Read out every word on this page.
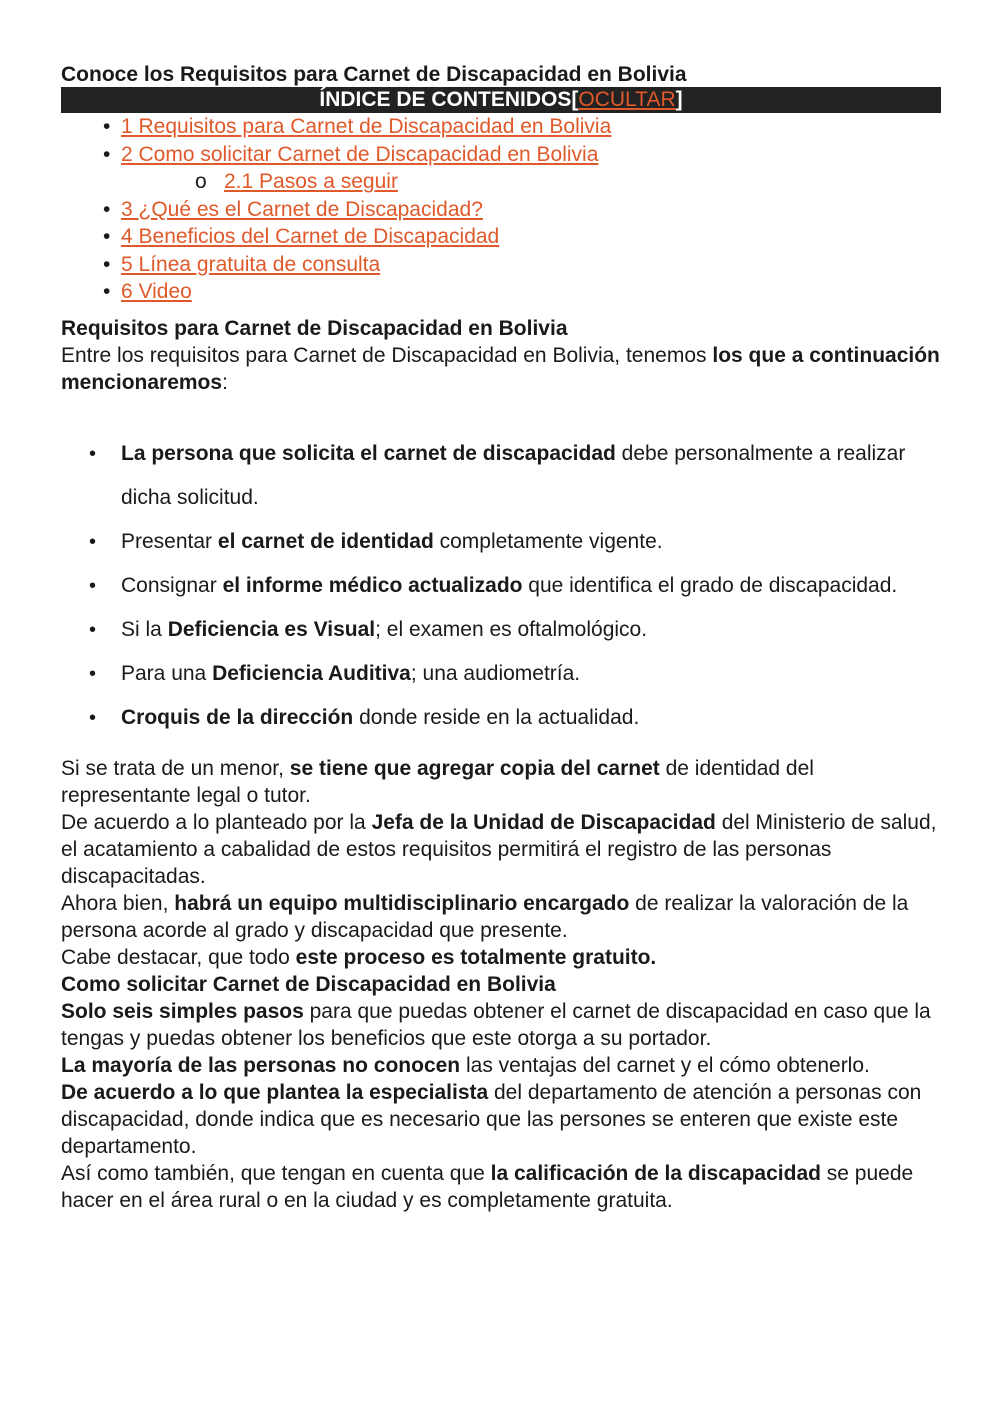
Conoce los Requisitos para Carnet de Discapacidad en Bolivia

ÍNDICE DE CONTENIDOS[OCULTAR]
• 1 Requisitos para Carnet de Discapacidad en Bolivia
• 2 Como solicitar Carnet de Discapacidad en Bolivia
o 2.1 Pasos a seguir
• 3 ¿Qué es el Carnet de Discapacidad?
• 4 Beneficios del Carnet de Discapacidad
• 5 Línea gratuita de consulta
• 6 Video
Requisitos para Carnet de Discapacidad en Bolivia

Entre los requisitos para Carnet de Discapacidad en Bolivia, tenemos los que a continuación mencionaremos:

• La persona que solicita el carnet de discapacidad debe personalmente a realizar dicha solicitud.
• Presentar el carnet de identidad completamente vigente.
• Consignar el informe médico actualizado que identifica el grado de discapacidad.
• Si la Deficiencia es Visual; el examen es oftalmológico.
• Para una Deficiencia Auditiva; una audiometría.
• Croquis de la dirección donde reside en la actualidad.

Si se trata de un menor, se tiene que agregar copia del carnet de identidad del representante legal o tutor.

De acuerdo a lo planteado por la Jefa de la Unidad de Discapacidad del Ministerio de salud, el acatamiento a cabalidad de estos requisitos permitirá el registro de las personas discapacitadas.

Ahora bien, habrá un equipo multidisciplinario encargado de realizar la valoración de la persona acorde al grado y discapacidad que presente.

Cabe destacar, que todo este proceso es totalmente gratuito.

Como solicitar Carnet de Discapacidad en Bolivia

Solo seis simples pasos para que puedas obtener el carnet de discapacidad en caso que la tengas y puedas obtener los beneficios que este otorga a su portador.

La mayoría de las personas no conocen las ventajas del carnet y el cómo obtenerlo.

De acuerdo a lo que plantea la especialista del departamento de atención a personas con discapacidad, donde indica que es necesario que las persones se enteren que existe este departamento.

Así como también, que tengan en cuenta que la calificación de la discapacidad se puede hacer en el área rural o en la ciudad y es completamente gratuita.
